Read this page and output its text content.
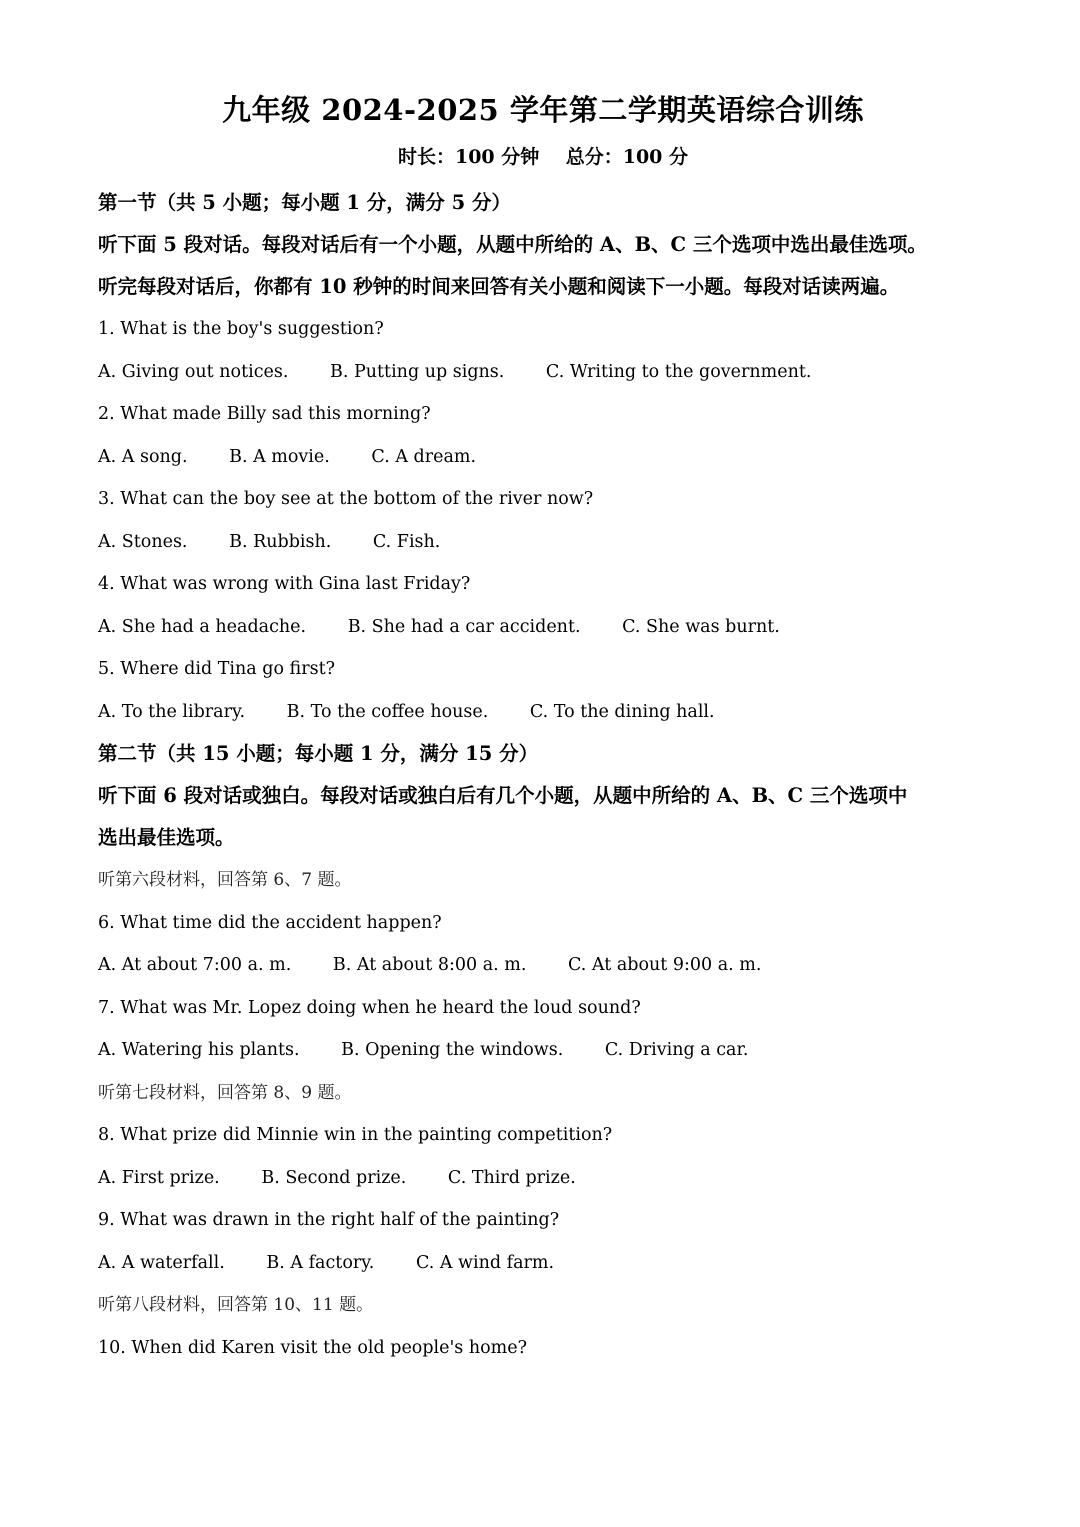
九年级 2024-2025 学年第二学期英语综合训练
时长：100 分钟    总分：100 分
第一节（共 5 小题；每小题 1 分，满分 5 分）
听下面 5 段对话。每段对话后有一个小题，从题中所给的 A、B、C 三个选项中选出最佳选项。
听完每段对话后，你都有 10 秒钟的时间来回答有关小题和阅读下一小题。每段对话读两遍。
1. What is the boy's suggestion?
A. Giving out notices. B. Putting up signs. C. Writing to the government.
2. What made Billy sad this morning?
A. A song. B. A movie. C. A dream.
3. What can the boy see at the bottom of the river now?
A. Stones. B. Rubbish. C. Fish.
4. What was wrong with Gina last Friday?
A. She had a headache. B. She had a car accident. C. She was burnt.
5. Where did Tina go first?
A. To the library. B. To the coffee house. C. To the dining hall.
第二节（共 15 小题；每小题 1 分，满分 15 分）
听下面 6 段对话或独白。每段对话或独白后有几个小题，从题中所给的 A、B、C 三个选项中
选出最佳选项。
听第六段材料，回答第 6、7 题。
6. What time did the accident happen?
A. At about 7:00 a. m. B. At about 8:00 a. m. C. At about 9:00 a. m.
7. What was Mr. Lopez doing when he heard the loud sound?
A. Watering his plants. B. Opening the windows. C. Driving a car.
听第七段材料，回答第 8、9 题。
8. What prize did Minnie win in the painting competition?
A. First prize. B. Second prize. C. Third prize.
9. What was drawn in the right half of the painting?
A. A waterfall. B. A factory. C. A wind farm.
听第八段材料，回答第 10、11 题。
10. When did Karen visit the old people's home?
